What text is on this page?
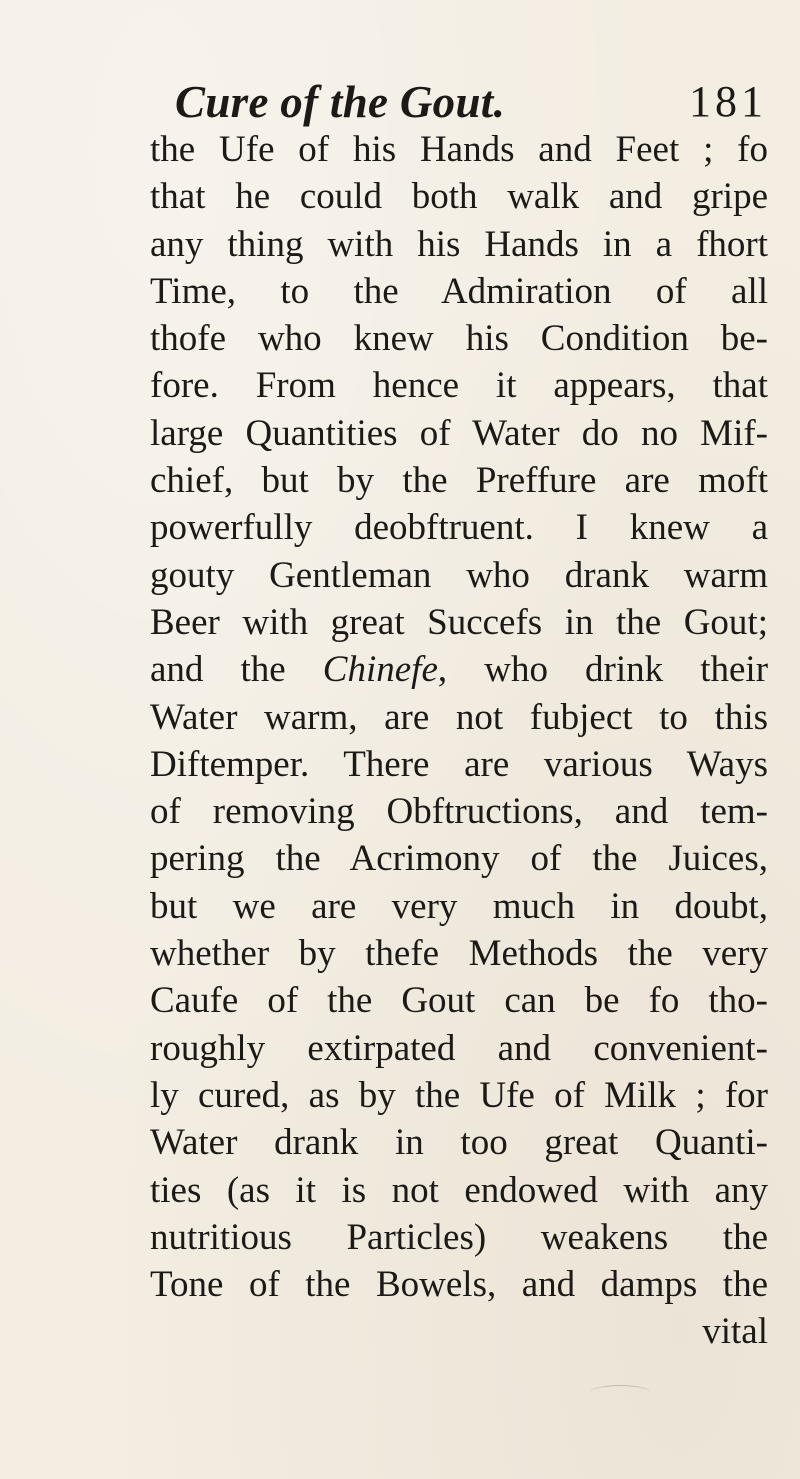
Cure of the Gout.	181
the Ufe of his Hands and Feet ; fo
that he could both walk and gripe
any thing with his Hands in a fhort
Time, to the Admiration of all
thofe who knew his Condition be-
fore. From hence it appears, that
large Quantities of Water do no Mif-
chief, but by the Preffure are moft
powerfully deobftruent. I knew a
gouty Gentleman who drank warm
Beer with great Succefs in the Gout;
and the Chinefe, who drink their
Water warm, are not fubject to this
Diftemper. There are various Ways
of removing Obftructions, and tem-
pering the Acrimony of the Juices,
but we are very much in doubt,
whether by thefe Methods the very
Caufe of the Gout can be fo tho-
roughly extirpated and convenient-
ly cured, as by the Ufe of Milk ; for
Water drank in too great Quanti-
ties (as it is not endowed with any
nutritious Particles) weakens the
Tone of the Bowels, and damps the
vital
